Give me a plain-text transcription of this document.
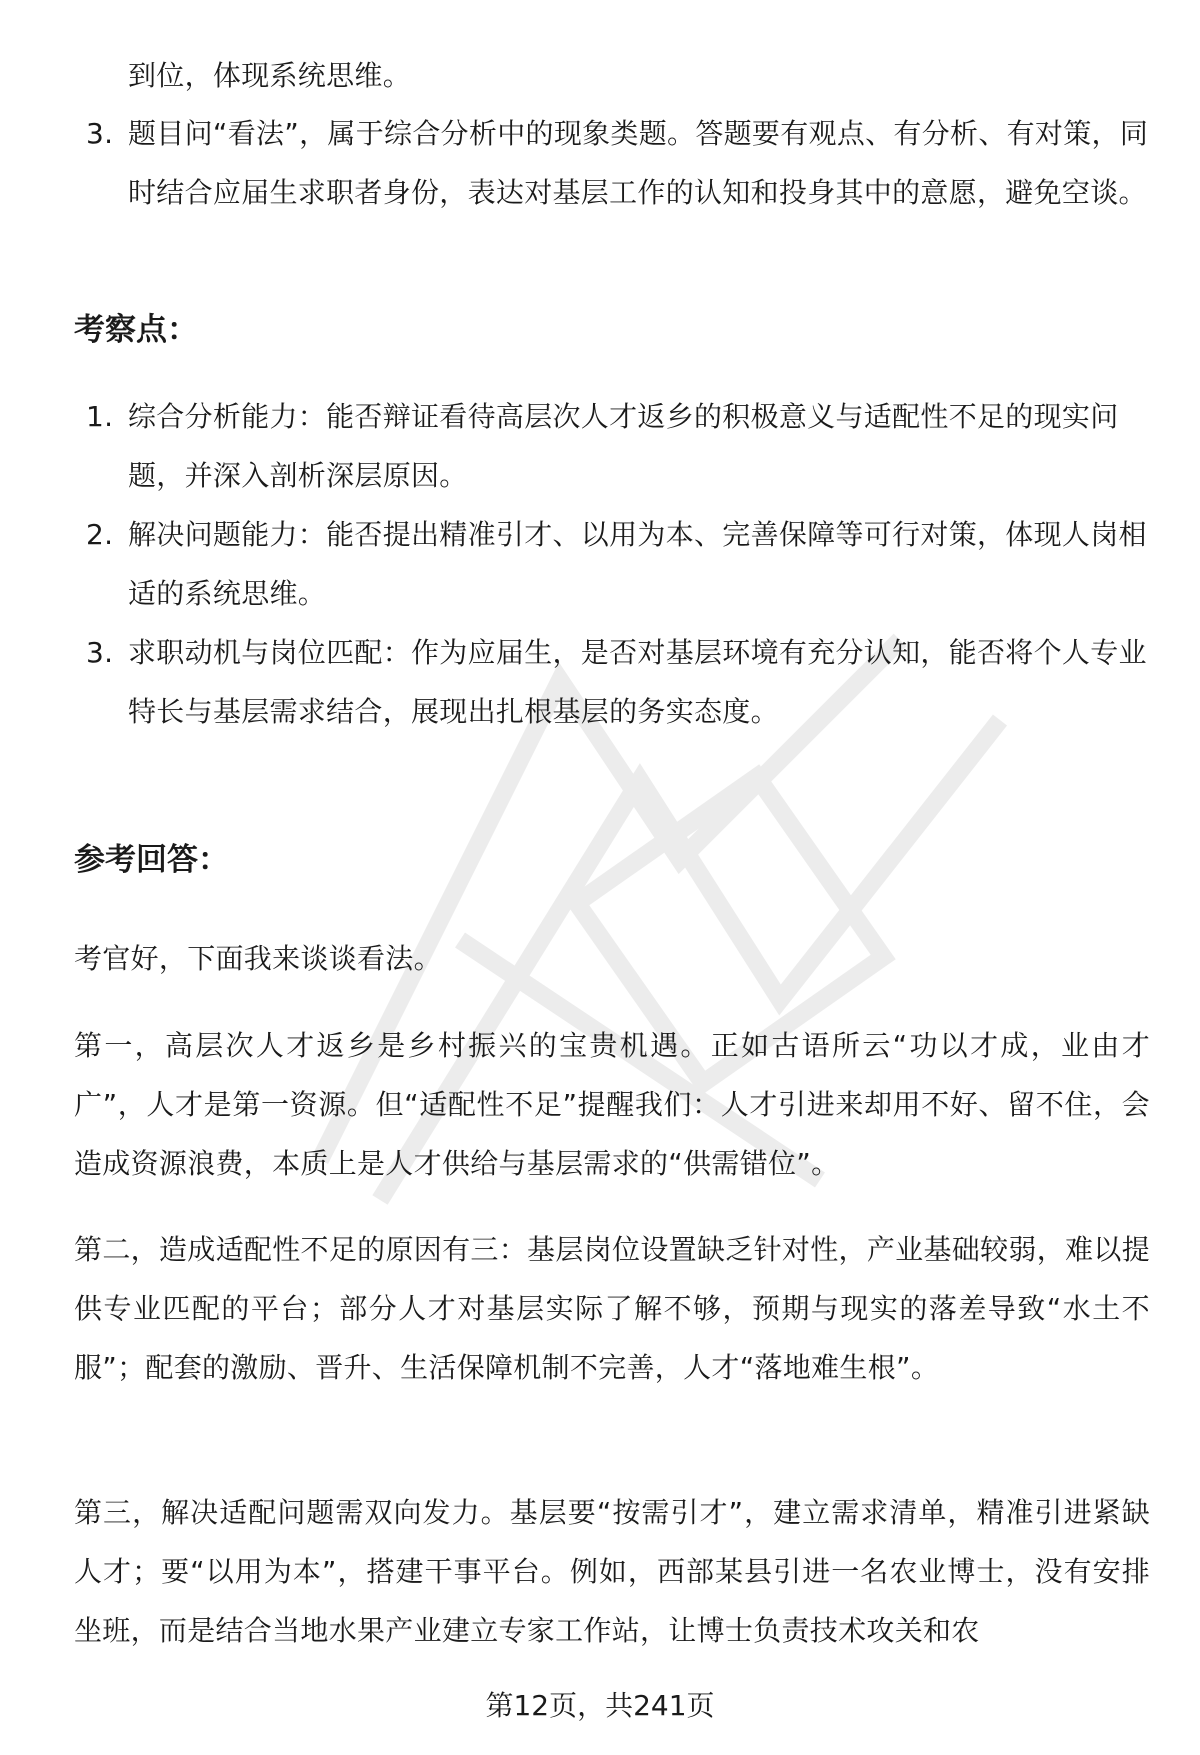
到位，体现系统思维。
3. 题目问“看法”，属于综合分析中的现象类题。答题要有观点、有分析、有对策，同时结合应届生求职者身份，表达对基层工作的认知和投身其中的意愿，避免空谈。
考察点：
1. 综合分析能力：能否辩证看待高层次人才返乡的积极意义与适配性不足的现实问题，并深入剖析深层原因。
2. 解决问题能力：能否提出精准引才、以用为本、完善保障等可行对策，体现人岗相适的系统思维。
3. 求职动机与岗位匹配：作为应届生，是否对基层环境有充分认知，能否将个人专业特长与基层需求结合，展现出扎根基层的务实态度。
参考回答：
考官好，下面我来谈谈看法。
第一，高层次人才返乡是乡村振兴的宝贵机遇。正如古语所云“功以才成，业由才广”，人才是第一资源。但“适配性不足”提醒我们：人才引进来却用不好、留不住，会造成资源浪费，本质上是人才供给与基层需求的“供需错位”。
第二，造成适配性不足的原因有三：基层岗位设置缺乏针对性，产业基础较弱，难以提供专业匹配的平台；部分人才对基层实际了解不够，预期与现实的落差导致“水土不服”；配套的激励、晋升、生活保障机制不完善，人才“落地难生根”。
第三，解决适配问题需双向发力。基层要“按需引才”，建立需求清单，精准引进紧缺人才；要“以用为本”，搭建干事平台。例如，西部某县引进一名农业博士，没有安排坐班，而是结合当地水果产业建立专家工作站，让博士负责技术攻关和农
第12页，共241页
